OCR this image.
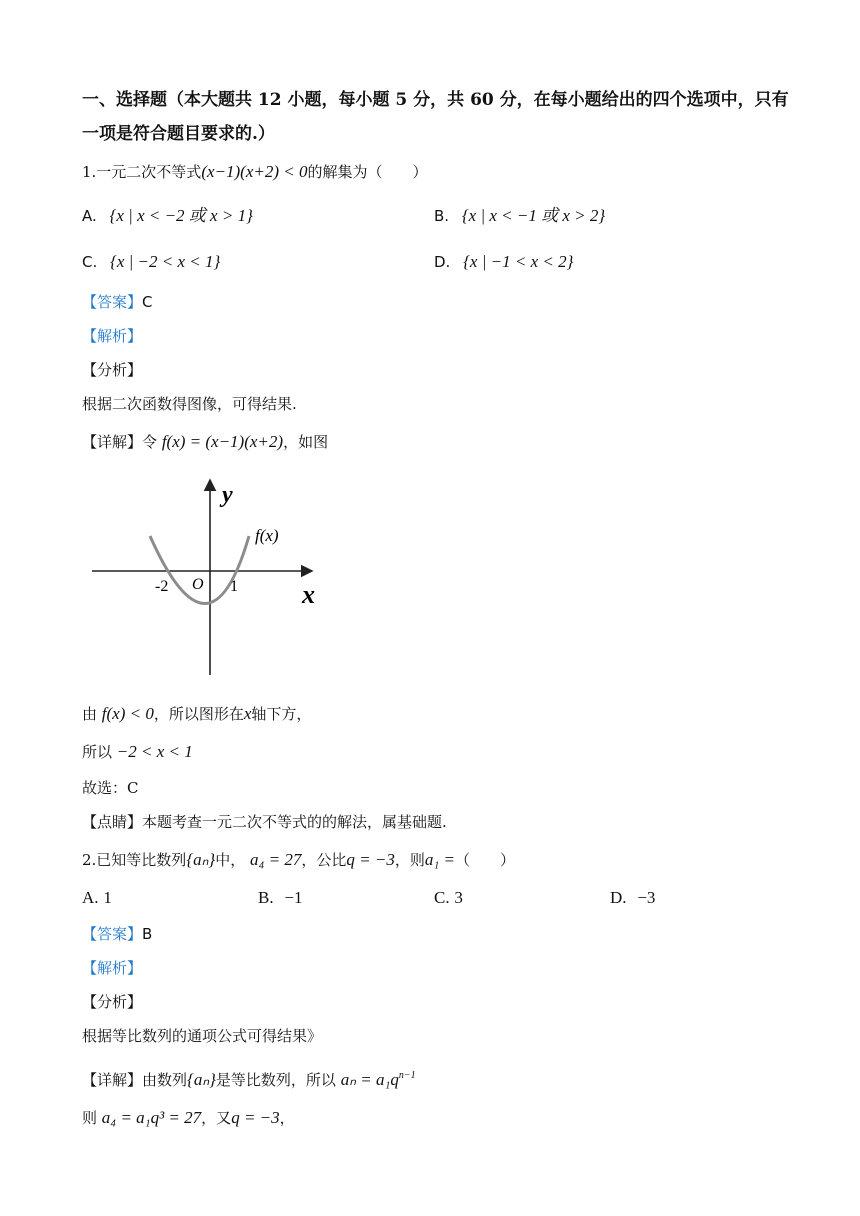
一、选择题（本大题共 12 小题，每小题 5 分，共 60 分，在每小题给出的四个选项中，只有
一项是符合题目要求的.）
1.一元二次不等式(x−1)(x+2) < 0的解集为（　　）
A. {x | x < −2 或 x > 1}	B. {x | x < −1 或 x > 2}
C. {x | −2 < x < 1}	D. {x | −1 < x < 2}
【答案】C
【解析】
【分析】
根据二次函数得图像，可得结果.
【详解】令 f(x) = (x−1)(x+2)，如图
y
f(x)
-2 O 1 x
由 f(x) < 0，所以图形在x轴下方，
所以 −2 < x < 1
故选：C
【点睛】本题考查一元二次不等式的的解法，属基础题.
2.已知等比数列{aₙ}中， a₄ = 27，公比q = −3，则a₁ =（　　）
A. 1	B. −1	C. 3	D. −3
【答案】B
【解析】
【分析】
根据等比数列的通项公式可得结果》
【详解】由数列{aₙ}是等比数列，所以 $a_n = a_1q^{n-1}$
则 a₄ = a₁q³ = 27，又q = −3，
